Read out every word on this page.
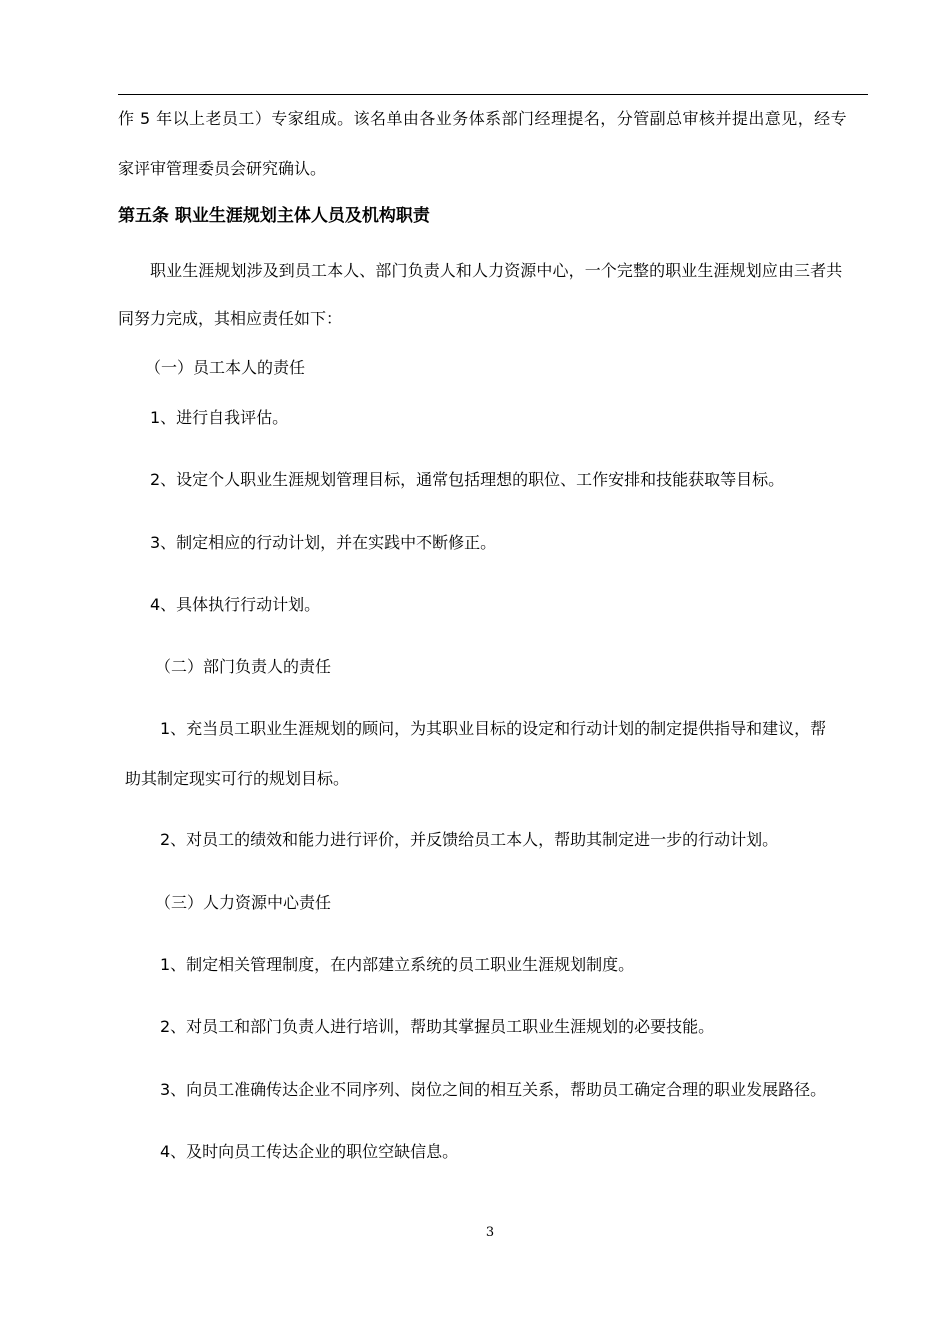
作 5 年以上老员工）专家组成。该名单由各业务体系部门经理提名，分管副总审核并提出意见，经专
家评审管理委员会研究确认。
第五条 职业生涯规划主体人员及机构职责
职业生涯规划涉及到员工本人、部门负责人和人力资源中心，一个完整的职业生涯规划应由三者共
同努力完成，其相应责任如下：
（一）员工本人的责任
1、进行自我评估。
2、设定个人职业生涯规划管理目标，通常包括理想的职位、工作安排和技能获取等目标。
3、制定相应的行动计划，并在实践中不断修正。
4、具体执行行动计划。
（二）部门负责人的责任
1、充当员工职业生涯规划的顾问，为其职业目标的设定和行动计划的制定提供指导和建议，帮
助其制定现实可行的规划目标。
2、对员工的绩效和能力进行评价，并反馈给员工本人，帮助其制定进一步的行动计划。
（三）人力资源中心责任
1、制定相关管理制度，在内部建立系统的员工职业生涯规划制度。
2、对员工和部门负责人进行培训，帮助其掌握员工职业生涯规划的必要技能。
3、向员工准确传达企业不同序列、岗位之间的相互关系，帮助员工确定合理的职业发展路径。
4、及时向员工传达企业的职位空缺信息。
3
